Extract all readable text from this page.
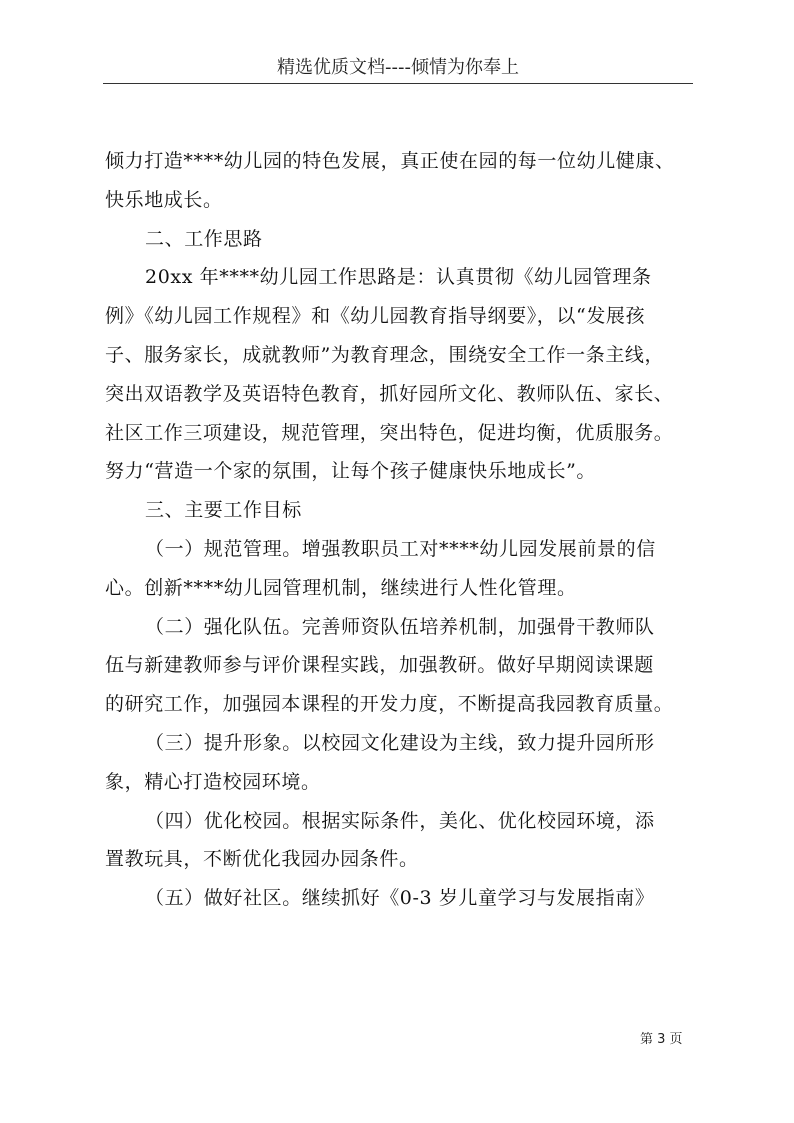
精选优质文档----倾情为你奉上
倾力打造****幼儿园的特色发展，真正使在园的每一位幼儿健康、
快乐地成长。
二、工作思路
20xx 年****幼儿园工作思路是：认真贯彻《幼儿园管理条
例》《幼儿园工作规程》和《幼儿园教育指导纲要》，以“发展孩
子、服务家长，成就教师”为教育理念，围绕安全工作一条主线，
突出双语教学及英语特色教育，抓好园所文化、教师队伍、家长、
社区工作三项建设，规范管理，突出特色，促进均衡，优质服务。
努力“营造一个家的氛围，让每个孩子健康快乐地成长”。
三、主要工作目标
（一）规范管理。增强教职员工对****幼儿园发展前景的信
心。创新****幼儿园管理机制，继续进行人性化管理。
（二）强化队伍。完善师资队伍培养机制，加强骨干教师队
伍与新建教师参与评价课程实践，加强教研。做好早期阅读课题
的研究工作，加强园本课程的开发力度，不断提高我园教育质量。
（三）提升形象。以校园文化建设为主线，致力提升园所形
象，精心打造校园环境。
（四）优化校园。根据实际条件，美化、优化校园环境，添
置教玩具，不断优化我园办园条件。
（五）做好社区。继续抓好《0-3 岁儿童学习与发展指南》
第 3 页
